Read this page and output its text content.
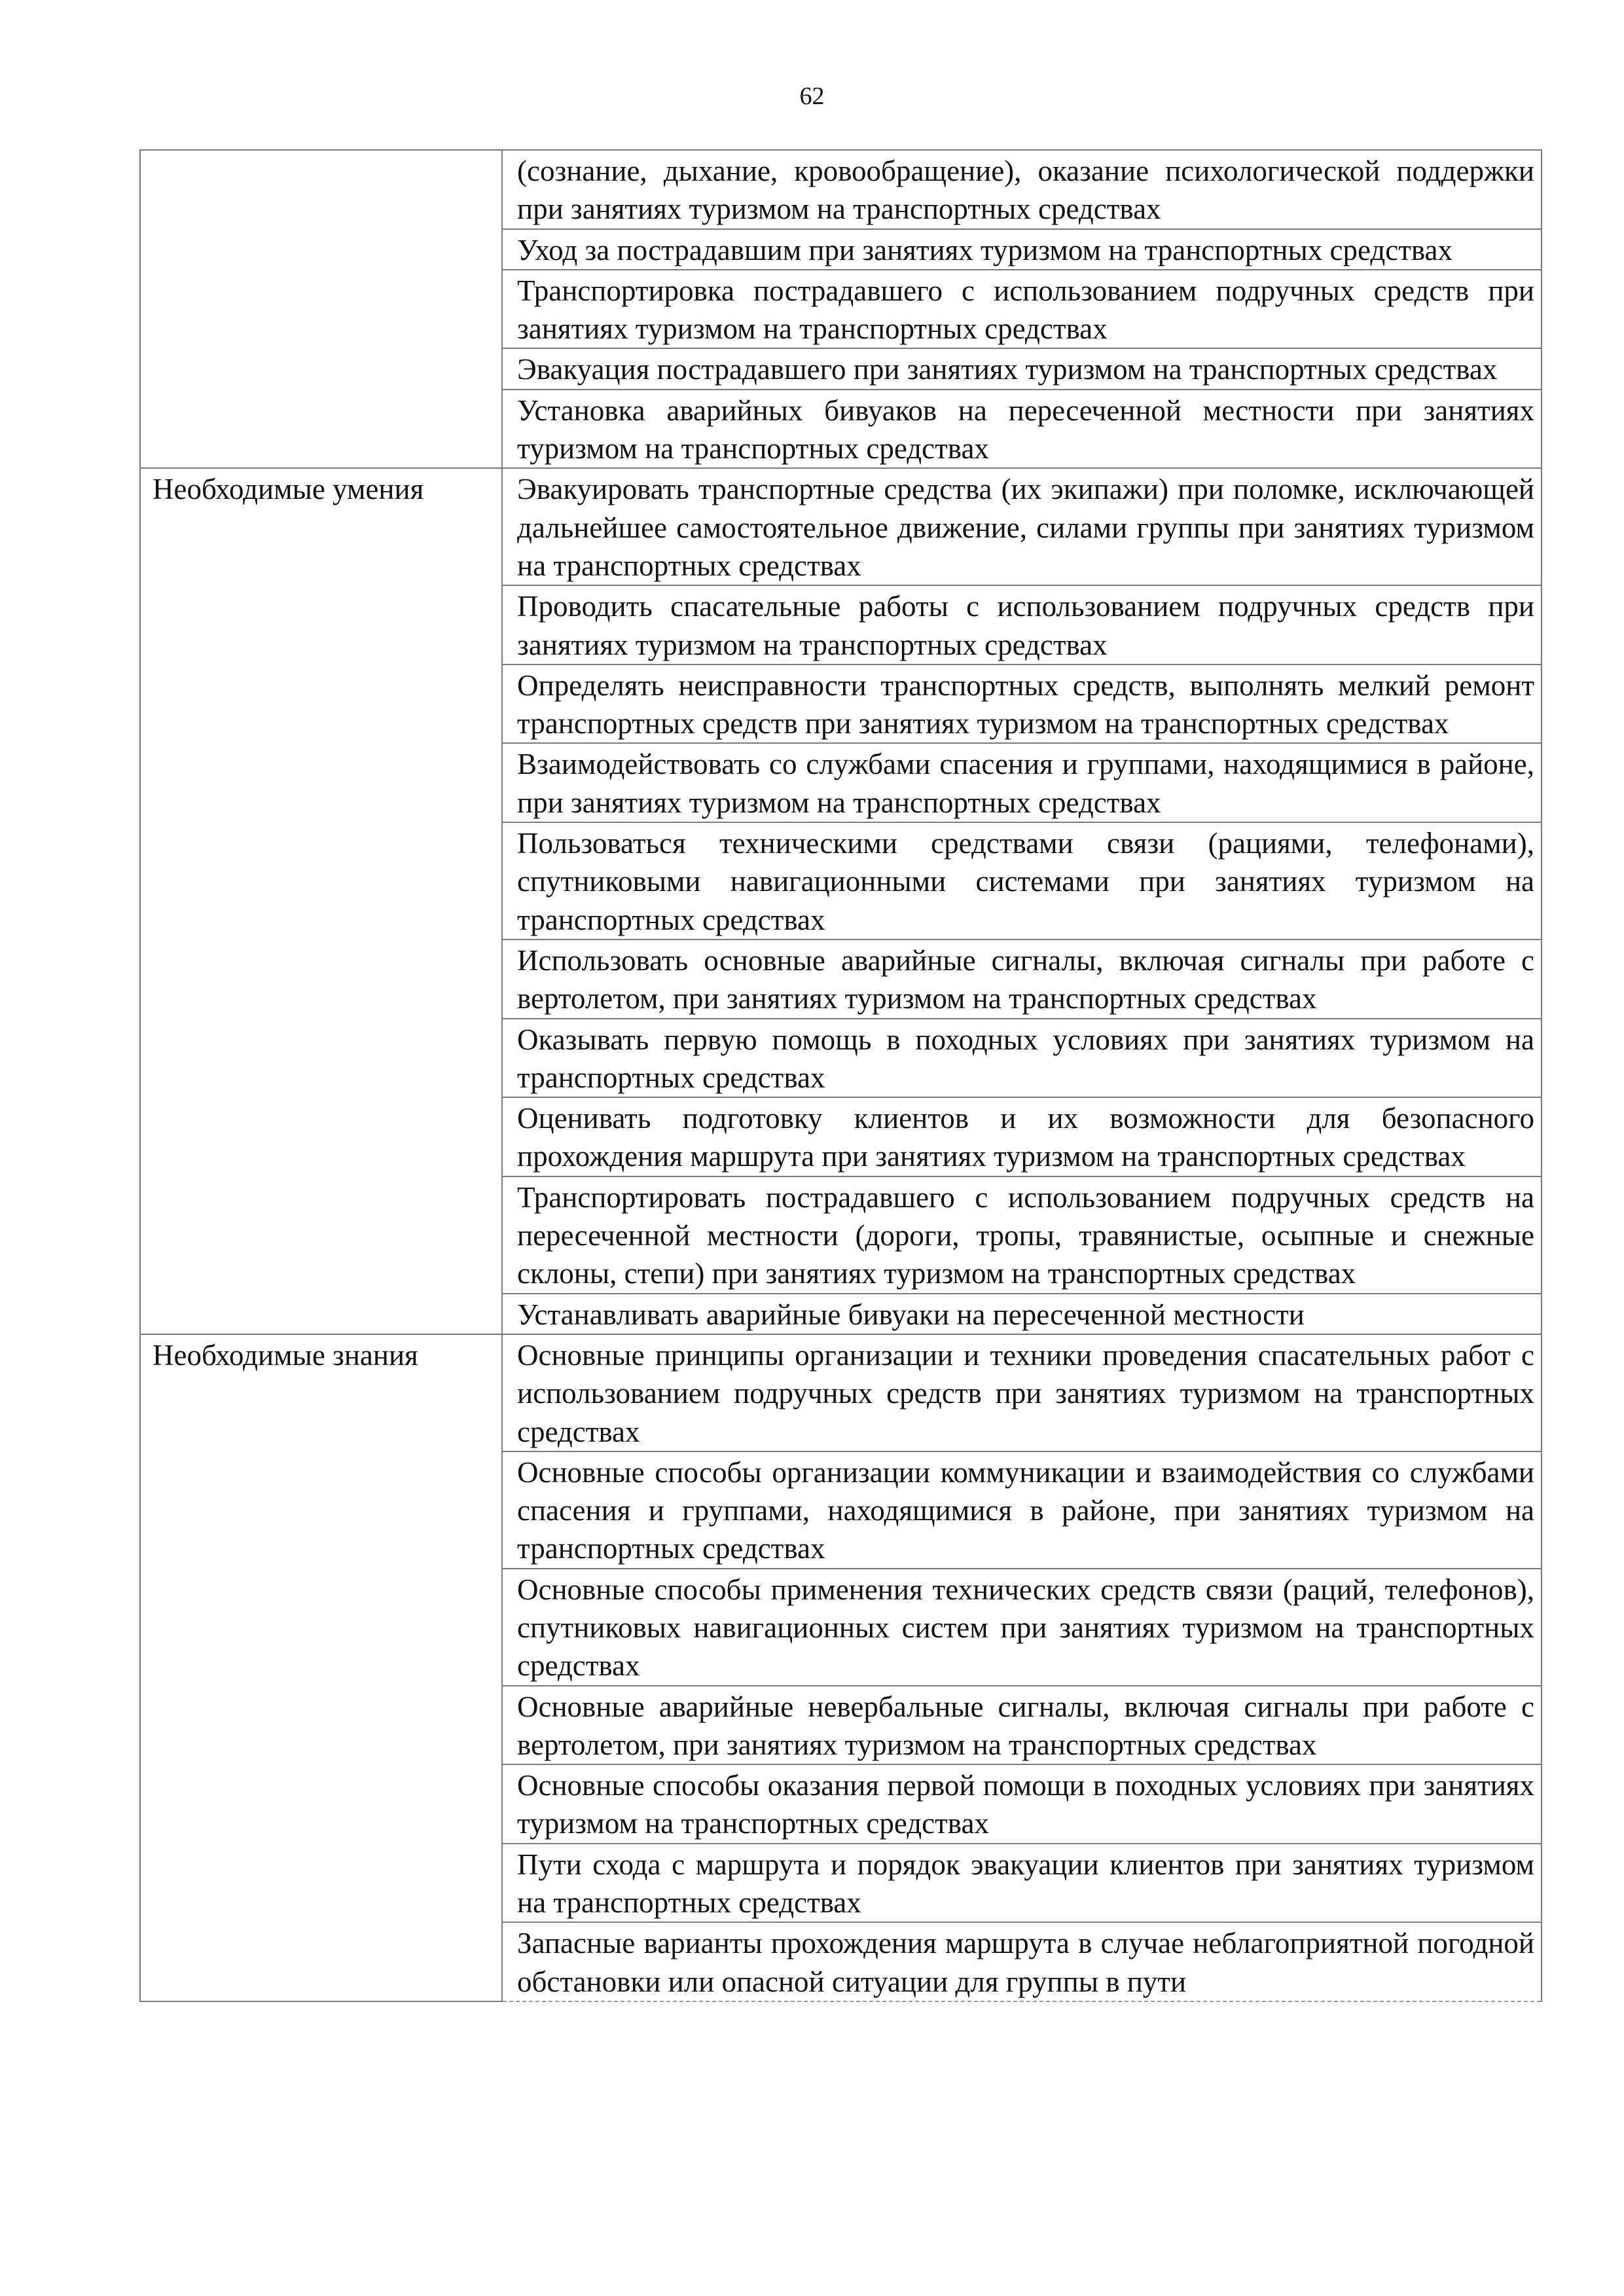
62
	(сознание, дыхание, кровообращение), оказание психологической поддержки при занятиях туризмом на транспортных средствах
	Уход за пострадавшим при занятиях туризмом на транспортных средствах
	Транспортировка пострадавшего с использованием подручных средств при занятиях туризмом на транспортных средствах
	Эвакуация пострадавшего при занятиях туризмом на транспортных средствах
	Установка аварийных бивуаков на пересеченной местности при занятиях туризмом на транспортных средствах
Необходимые умения	Эвакуировать транспортные средства (их экипажи) при поломке, исключающей дальнейшее самостоятельное движение, силами группы при занятиях туризмом на транспортных средствах
	Проводить спасательные работы с использованием подручных средств при занятиях туризмом на транспортных средствах
	Определять неисправности транспортных средств, выполнять мелкий ремонт транспортных средств при занятиях туризмом на транспортных средствах
	Взаимодействовать со службами спасения и группами, находящимися в районе, при занятиях туризмом на транспортных средствах
	Пользоваться техническими средствами связи (рациями, телефонами), спутниковыми навигационными системами при занятиях туризмом на транспортных средствах
	Использовать основные аварийные сигналы, включая сигналы при работе с вертолетом, при занятиях туризмом на транспортных средствах
	Оказывать первую помощь в походных условиях при занятиях туризмом на транспортных средствах
	Оценивать подготовку клиентов и их возможности для безопасного прохождения маршрута при занятиях туризмом на транспортных средствах
	Транспортировать пострадавшего с использованием подручных средств на пересеченной местности (дороги, тропы, травянистые, осыпные и снежные склоны, степи) при занятиях туризмом на транспортных средствах
	Устанавливать аварийные бивуаки на пересеченной местности
Необходимые знания	Основные принципы организации и техники проведения спасательных работ с использованием подручных средств при занятиях туризмом на транспортных средствах
	Основные способы организации коммуникации и взаимодействия со службами спасения и группами, находящимися в районе, при занятиях туризмом на транспортных средствах
	Основные способы применения технических средств связи (раций, телефонов), спутниковых навигационных систем при занятиях туризмом на транспортных средствах
	Основные аварийные невербальные сигналы, включая сигналы при работе с вертолетом, при занятиях туризмом на транспортных средствах
	Основные способы оказания первой помощи в походных условиях при занятиях туризмом на транспортных средствах
	Пути схода с маршрута и порядок эвакуации клиентов при занятиях туризмом на транспортных средствах

	Запасные варианты прохождения маршрута в случае неблагоприятной погодной обстановки или опасной ситуации для группы в пути
